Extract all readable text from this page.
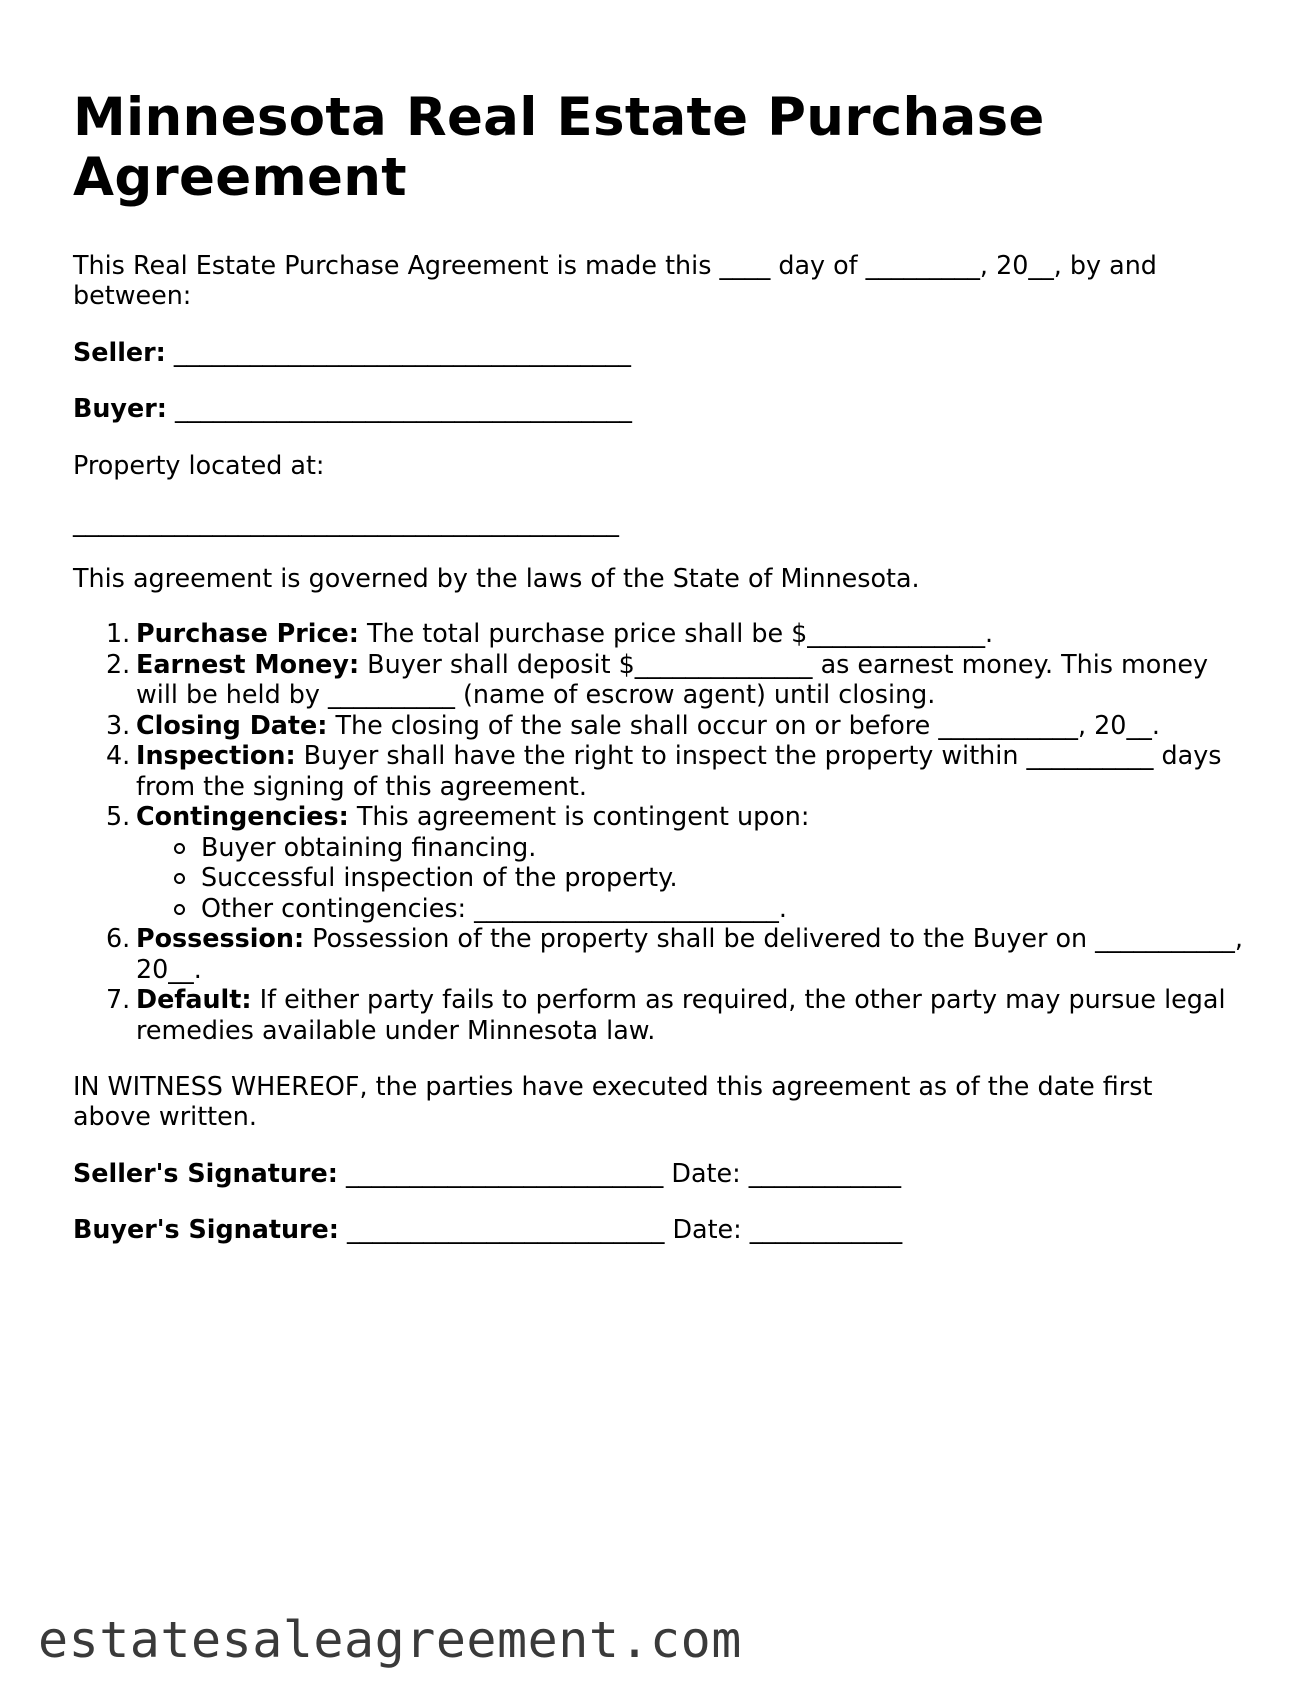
Minnesota Real Estate Purchase Agreement

This Real Estate Purchase Agreement is made this ____ day of _________, 20__, by and

between:

Seller: ____________________________________

Buyer: ____________________________________

Property located at:

___________________________________________

This agreement is governed by the laws of the State of Minnesota.

1. Purchase Price: The total purchase price shall be $______________.
2. Earnest Money: Buyer shall deposit $______________ as earnest money. This money will be held by __________ (name of escrow agent) until closing.
3. Closing Date: The closing of the sale shall occur on or before ___________, 20__.
4. Inspection: Buyer shall have the right to inspect the property within __________ days from the signing of this agreement.
5. Contingencies: This agreement is contingent upon:
Buyer obtaining financing.
Successful inspection of the property.
Other contingencies: ________________________.
6. Possession: Possession of the property shall be delivered to the Buyer on ___________, 20__.
7. Default: If either party fails to perform as required, the other party may pursue legal remedies available under Minnesota law.

IN WITNESS WHEREOF, the parties have executed this agreement as of the date first

above written.

Seller's Signature: _________________________ Date: ____________

Buyer's Signature: _________________________ Date: ____________

estatesaleagreement.com
